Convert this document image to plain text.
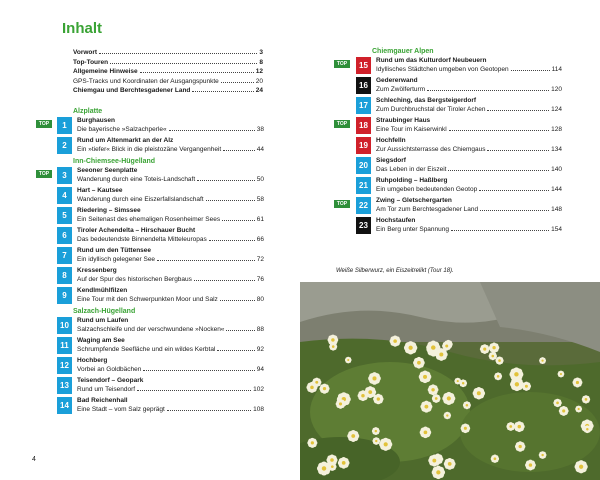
Inhalt
Vorwort	3
Top-Touren	8
Allgemeine Hinweise	12
GPS-Tracks und Koordinaten der Ausgangspunkte	20
Chiemgau und Berchtesgadener Land	24
Alzplatte
TOP	1
Burghausen
Die bayerische »Salzachperle«	38
2
Rund um Altenmarkt an der Alz
Ein »tiefer« Blick in die pleistozäne Vergangenheit	44
Inn-Chiemsee-Hügelland
TOP	3
Seeoner Seenplatte
Wanderung durch eine Toteis-Landschaft	50
4
Hart – Kautsee
Wanderung durch eine Eiszerfallslandschaft	58
5
Riedering – Simssee
Ein Seitenast des ehemaligen Rosenheimer Sees	61
6
Tiroler Achendelta – Hirschauer Bucht
Das bedeutendste Binnendelta Mitteleuropas	66
7
Rund um den Tüttensee
Ein idyllisch gelegener See	72
8
Kressenberg
Auf der Spur des historischen Bergbaus	76
9
Kendlmühlfilzen
Eine Tour mit den Schwerpunkten Moor und Salz	80
Salzach-Hügelland
10
Rund um Laufen
Salzachschleife und der verschwundene »Nocken«	88
11
Waging am See
Schrumpfende Seefläche und ein wildes Kerbtal	92
12
Hochberg
Vorbei an Goldbächen	94
13
Teisendorf – Geopark
Rund um Teisendorf	102
14
Bad Reichenhall
Eine Stadt – vom Salz geprägt	108
Chiemgauer Alpen
TOP	15
Rund um das Kulturdorf Neubeuern
Idyllisches Städtchen umgeben von Geotopen	114
16
Gedererwand
Zum Zwölferturm	120
17
Schleching, das Bergsteigerdorf
Zum Durchbruchstal der Tiroler Achen	124
TOP	18
Straubinger Haus
Eine Tour im Kaiserwinkl	128
19
Hochfelln
Zur Aussichtsterrasse des Chiemgaus	134
20
Siegsdorf
Das Leben in der Eiszeit	140
21
Ruhpolding – Haßlberg
Ein umgeben bedeutenden Geotop	144
TOP	22
Zwing – Gletschergarten
Am Tor zum Berchtesgadener Land	148
23
Hochstaufen
Ein Berg unter Spannung	154
Weiße Silberwurz, ein Eiszeitrelikt (Tour 18).
4
